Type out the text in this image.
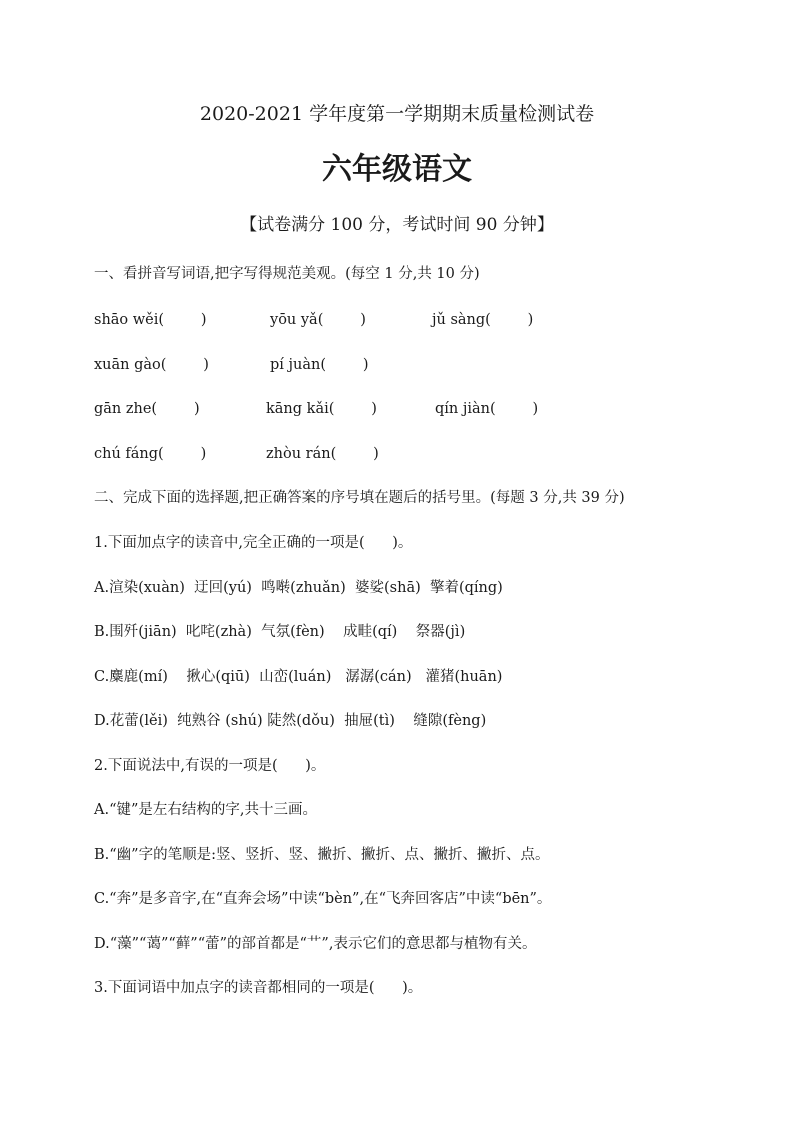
2020-2021 学年度第一学期期末质量检测试卷
六年级语文
【试卷满分 100 分，考试时间 90 分钟】
一、看拼音写词语,把字写得规范美观。(每空 1 分,共 10 分)
shāo wěi(        )	yōu yǎ(        )	jǔ sàng(        )
xuān gào(        )	pí juàn(        )
gān zhe(        )	kāng kǎi(        )	qín jiàn(        )
chú fáng(        )	zhòu rán(        )
二、完成下面的选择题,把正确答案的序号填在题后的括号里。(每题 3 分,共 39 分)
1.下面加点字的读音中,完全正确的一项是(      )。
A.渲染(xuàn)  迂回(yú)  鸣啭(zhuǎn)  婆娑(shā)  擎着(qíng)
B.围歼(jiān)  叱咤(zhà)  气氛(fèn)    成畦(qí)    祭器(jì)
C.麋鹿(mí)    揪心(qiū)  山峦(luán)   潺潺(cán)   灌猪(huān)
D.花蕾(lěi)  纯熟谷 (shú) 陡然(dǒu)  抽屉(tì)    缝隙(fèng)
2.下面说法中,有误的一项是(      )。
A.“键”是左右结构的字,共十三画。
B.“幽”字的笔顺是:竖、竖折、竖、撇折、撇折、点、撇折、撇折、点。
C.“奔”是多音字,在“直奔会场”中读“bèn”,在“飞奔回客店”中读“bēn”。
D.“藻”“蔼”“藓”“蕾”的部首都是“艹”,表示它们的意思都与植物有关。
3.下面词语中加点字的读音都相同的一项是(      )。
